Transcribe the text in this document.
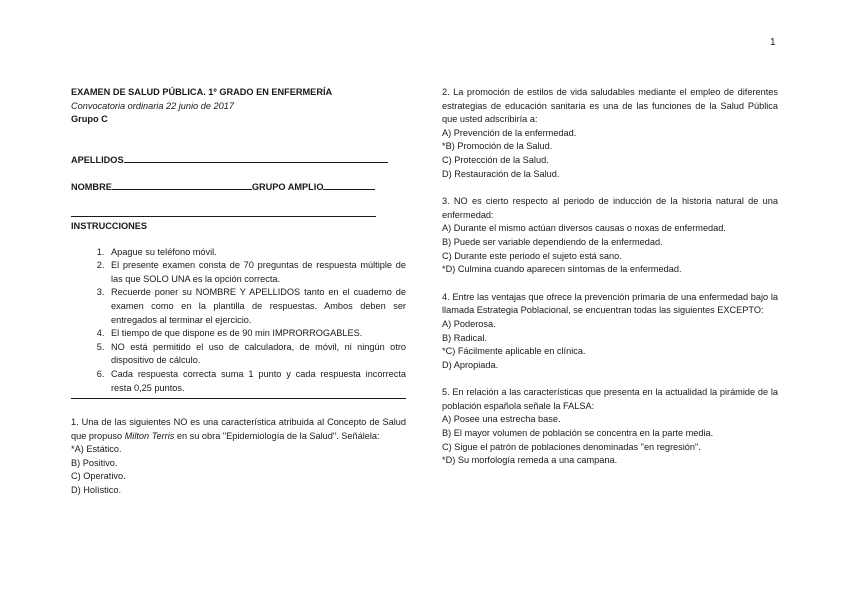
1
EXAMEN DE SALUD PÚBLICA. 1º GRADO EN ENFERMERÍA
Convocatoria ordinaria 22 junio de 2017
Grupo C
APELLIDOS
NOMBRE	GRUPO AMPLIO
INSTRUCCIONES
1. Apague su teléfono móvil.
2. El presente examen consta de 70 preguntas de respuesta múltiple de las que SOLO UNA es la opción correcta.
3. Recuerde poner su NOMBRE Y APELLIDOS tanto en el cuaderno de examen como en la plantilla de respuestas. Ambos deben ser entregados al terminar el ejercicio.
4. El tiempo de que dispone es de 90 min IMPRORROGABLES.
5. NO está permitido el uso de calculadora, de móvil, ni ningún otro dispositivo de cálculo.
6. Cada respuesta correcta suma 1 punto y cada respuesta incorrecta resta 0,25 puntos.

1. Una de las siguientes NO es una característica atribuida al Concepto de Salud que propuso Milton Terris en su obra "Epidemiología de la Salud". Señálela:

*A) Estático.
B) Positivo.
C) Operativo.
D) Holístico.

2. La promoción de estilos de vida saludables mediante el empleo de diferentes estrategias de educación sanitaria es una de las funciones de la Salud Pública que usted adscribiría a:

A) Prevención de la enfermedad.
*B) Promoción de la Salud.
C) Protección de la Salud.
D) Restauración de la Salud.

3. NO es cierto respecto al periodo de inducción de la historia natural de una enfermedad:

A) Durante el mismo actúan diversos causas o noxas de enfermedad.
B) Puede ser variable dependiendo de la enfermedad.
C) Durante este periodo el sujeto está sano.
*D) Culmina cuando aparecen síntomas de la enfermedad.

4. Entre las ventajas que ofrece la prevención primaria de una enfermedad bajo la llamada Estrategia Poblacional, se encuentran todas las siguientes EXCEPTO:

A) Poderosa.
B) Radical.
*C) Fácilmente aplicable en clínica.
D) Apropiada.

5. En relación a las características que presenta en la actualidad la pirámide de la población española señale la FALSA:

A) Posee una estrecha base.
B) El mayor volumen de población se concentra en la parte media.
C) Sigue el patrón de poblaciones denominadas "en regresión".
*D) Su morfología remeda a una campana.
